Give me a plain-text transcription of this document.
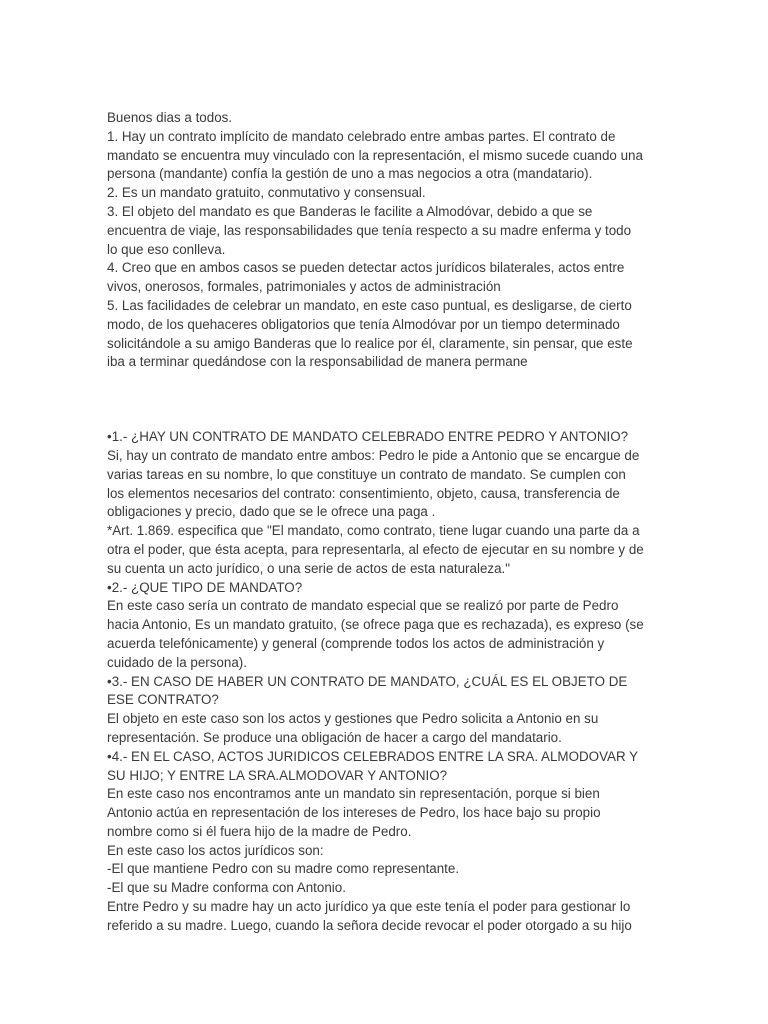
Buenos dias a todos.
1. Hay un contrato implícito de mandato celebrado entre ambas partes. El contrato de
mandato se encuentra muy vinculado con la representación, el mismo sucede cuando una
persona (mandante) confía la gestión de uno a mas negocios a otra (mandatario).
2. Es un mandato gratuito, conmutativo y consensual.
3. El objeto del mandato es que Banderas le facilite a Almodóvar, debido a que se
encuentra de viaje, las responsabilidades que tenía respecto a su madre enferma y todo
lo que eso conlleva.
4. Creo que en ambos casos se pueden detectar actos jurídicos bilaterales, actos entre
vivos, onerosos, formales, patrimoniales y actos de administración
5. Las facilidades de celebrar un mandato, en este caso puntual, es desligarse, de cierto
modo, de los quehaceres obligatorios que tenía Almodóvar por un tiempo determinado
solicitándole a su amigo Banderas que lo realice por él, claramente, sin pensar, que este
iba a terminar quedándose con la responsabilidad de manera permane
•1.- ¿HAY UN CONTRATO DE MANDATO CELEBRADO ENTRE PEDRO Y ANTONIO?
Si, hay un contrato de mandato entre ambos: Pedro le pide a Antonio que se encargue de
varias tareas en su nombre, lo que constituye un contrato de mandato. Se cumplen con
los elementos necesarios del contrato: consentimiento, objeto, causa, transferencia de
obligaciones y precio, dado que se le ofrece una paga .
*Art. 1.869. especifica que "El mandato, como contrato, tiene lugar cuando una parte da a
otra el poder, que ésta acepta, para representarla, al efecto de ejecutar en su nombre y de
su cuenta un acto jurídico, o una serie de actos de esta naturaleza."
•2.- ¿QUE TIPO DE MANDATO?
En este caso sería un contrato de mandato especial que se realizó por parte de Pedro
hacia Antonio, Es un mandato gratuito, (se ofrece paga que es rechazada), es expreso (se
acuerda telefónicamente) y general (comprende todos los actos de administración y
cuidado de la persona).
•3.- EN CASO DE HABER UN CONTRATO DE MANDATO, ¿CUÁL ES EL OBJETO DE
ESE CONTRATO?
El objeto en este caso son los actos y gestiones que Pedro solicita a Antonio en su
representación. Se produce una obligación de hacer a cargo del mandatario.
•4.- EN EL CASO, ACTOS JURIDICOS CELEBRADOS ENTRE LA SRA. ALMODOVAR Y
SU HIJO; Y ENTRE LA SRA.ALMODOVAR Y ANTONIO?
En este caso nos encontramos ante un mandato sin representación, porque si bien
Antonio actúa en representación de los intereses de Pedro, los hace bajo su propio
nombre como si él fuera hijo de la madre de Pedro.
En este caso los actos jurídicos son:
-El que mantiene Pedro con su madre como representante.
-El que su Madre conforma con Antonio.
Entre Pedro y su madre hay un acto jurídico ya que este tenía el poder para gestionar lo
referido a su madre. Luego, cuando la señora decide revocar el poder otorgado a su hijo
